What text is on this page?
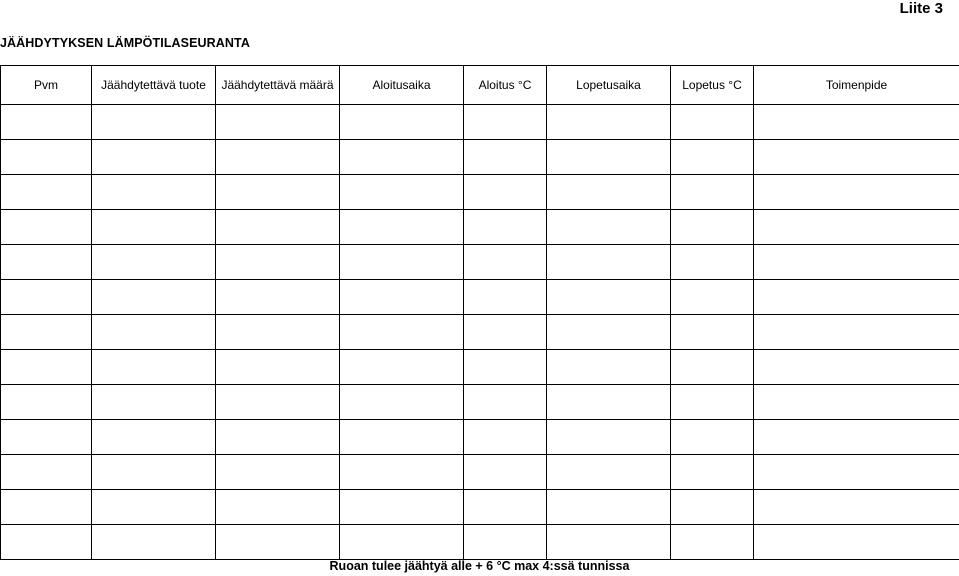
Liite 3
JÄÄHDYTYKSEN LÄMPÖTILASEURANTA
Pvm	Jäähdytettävä tuote	Jäähdytettävä määrä	Aloitusaika	Aloitus °C	Lopetusaika	Lopetus °C	Toimenpide

Ruoan tulee jäähtyä alle + 6 °C max 4:ssä tunnissa
